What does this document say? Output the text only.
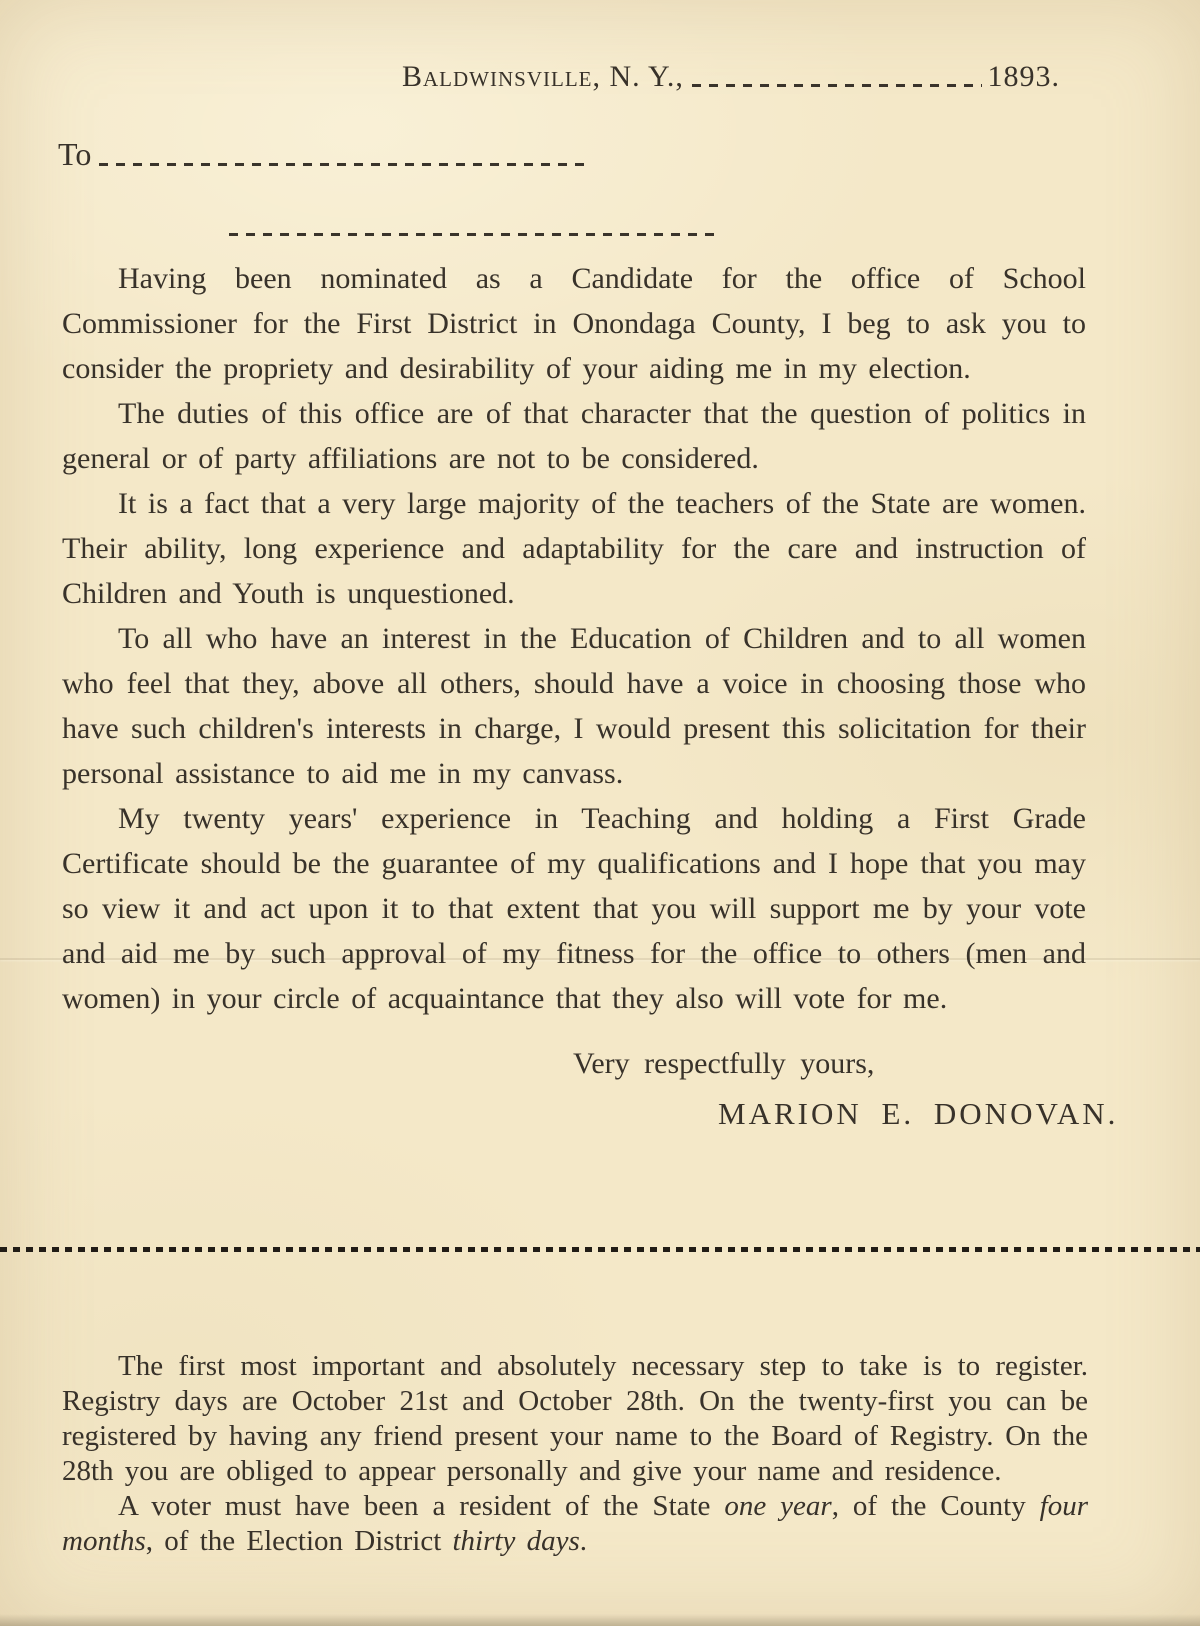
Baldwinsville, N. Y.,	1893.
To

Having been nominated as a Candidate for the office of School Commissioner for the First District in Onondaga County, I beg to ask you to consider the propriety and desirability of your aiding me in my election.

The duties of this office are of that character that the question of politics in general or of party affiliations are not to be considered.

It is a fact that a very large majority of the teachers of the State are women. Their ability, long experience and adaptability for the care and instruction of Children and Youth is unquestioned.

To all who have an interest in the Education of Children and to all women who feel that they, above all others, should have a voice in choosing those who have such children's interests in charge, I would present this solicitation for their personal assistance to aid me in my canvass.

My twenty years' experience in Teaching and holding a First Grade Certificate should be the guarantee of my qualifications and I hope that you may so view it and act upon it to that extent that you will support me by your vote and aid me by such approval of my fitness for the office to others (men and women) in your circle of acquaintance that they also will vote for me.

Very respectfully yours,
MARION E. DONOVAN.

The first most important and absolutely necessary step to take is to register. Registry days are October 21st and October 28th. On the twenty-first you can be registered by having any friend present your name to the Board of Registry. On the 28th you are obliged to appear personally and give your name and residence.

A voter must have been a resident of the State one year, of the County four months, of the Election District thirty days.
